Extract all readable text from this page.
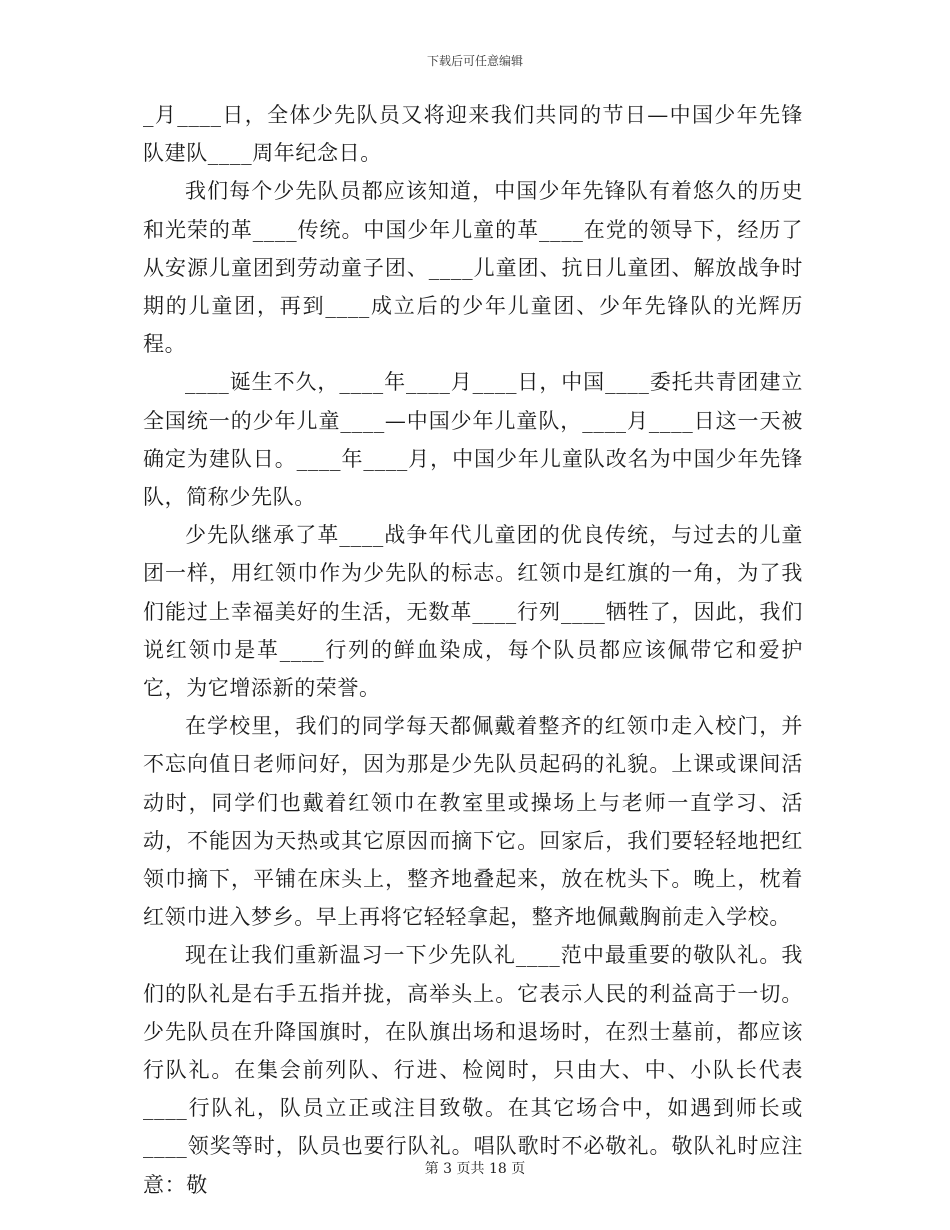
下载后可任意编辑

_月____日，全体少先队员又将迎来我们共同的节日—中国少年先锋队建队____周年纪念日。

我们每个少先队员都应该知道，中国少年先锋队有着悠久的历史和光荣的革____传统。中国少年儿童的革____在党的领导下，经历了从安源儿童团到劳动童子团、____儿童团、抗日儿童团、解放战争时期的儿童团，再到____成立后的少年儿童团、少年先锋队的光辉历程。

____诞生不久，____年____月____日，中国____委托共青团建立全国统一的少年儿童____—中国少年儿童队，____月____日这一天被确定为建队日。____年____月，中国少年儿童队改名为中国少年先锋队，简称少先队。

少先队继承了革____战争年代儿童团的优良传统，与过去的儿童团一样，用红领巾作为少先队的标志。红领巾是红旗的一角，为了我们能过上幸福美好的生活，无数革____行列____牺牲了，因此，我们说红领巾是革____行列的鲜血染成，每个队员都应该佩带它和爱护它，为它增添新的荣誉。

在学校里，我们的同学每天都佩戴着整齐的红领巾走入校门，并不忘向值日老师问好，因为那是少先队员起码的礼貌。上课或课间活动时，同学们也戴着红领巾在教室里或操场上与老师一直学习、活动，不能因为天热或其它原因而摘下它。回家后，我们要轻轻地把红领巾摘下，平铺在床头上，整齐地叠起来，放在枕头下。晚上，枕着红领巾进入梦乡。早上再将它轻轻拿起，整齐地佩戴胸前走入学校。

现在让我们重新温习一下少先队礼____范中最重要的敬队礼。我们的队礼是右手五指并拢，高举头上。它表示人民的利益高于一切。少先队员在升降国旗时，在队旗出场和退场时，在烈士墓前，都应该行队礼。在集会前列队、行进、检阅时，只由大、中、小队长代表____行队礼，队员立正或注目致敬。在其它场合中，如遇到师长或____领奖等时，队员也要行队礼。唱队歌时不必敬礼。敬队礼时应注意：敬

第 3 页共 18 页
